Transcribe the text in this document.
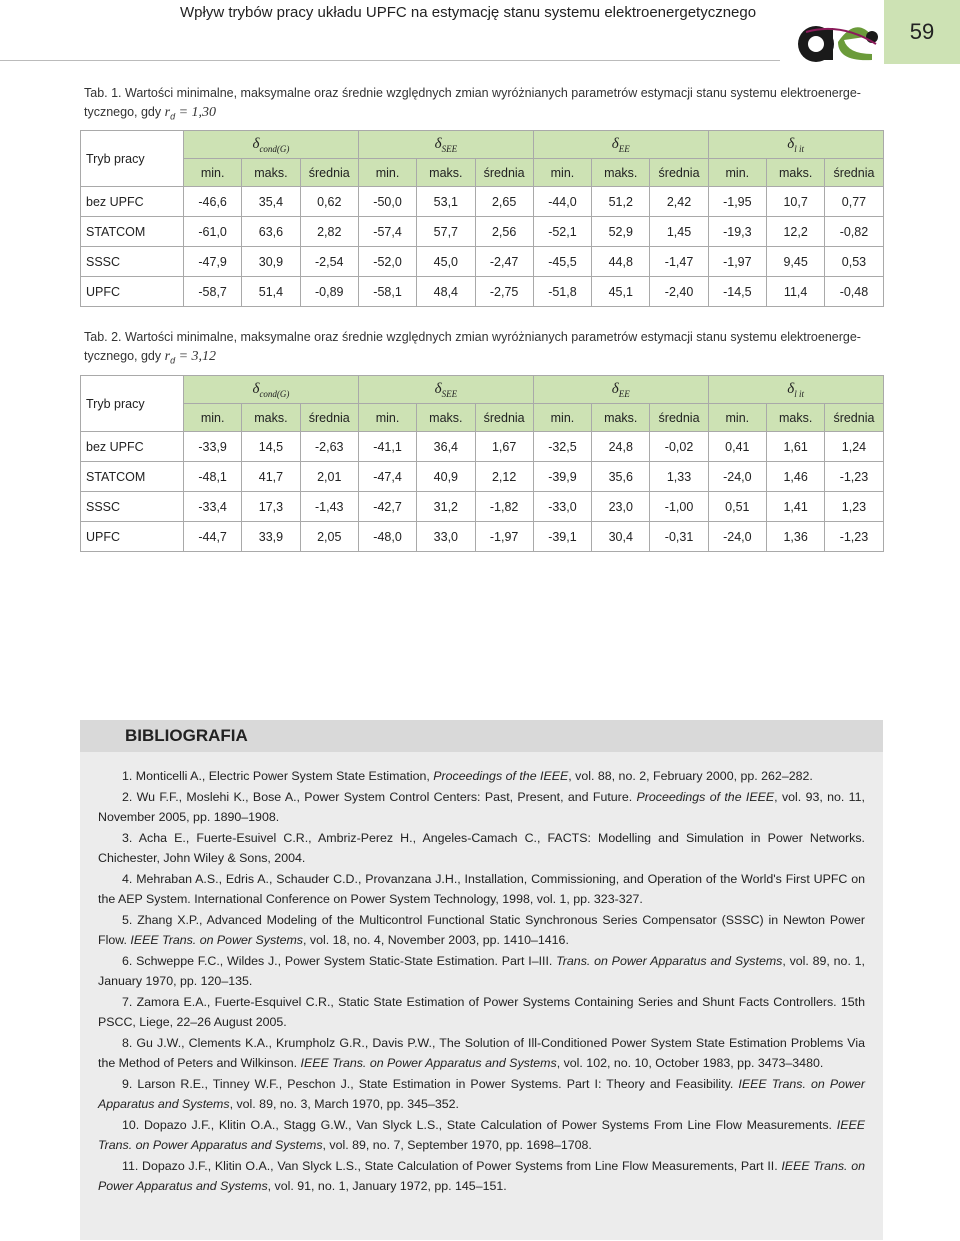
Wpływ trybów pracy układu UPFC na estymację stanu systemu elektroenergetycznego
59
Tab. 1. Wartości minimalne, maksymalne oraz średnie względnych zmian wyróżnianych parametrów estymacji stanu systemu elektroenerge-tycznego, gdy $r_d = 1,30$
Tryb pracy	$\delta_{cond(G)}$			$\delta_{SEE}$			$\delta_{EE}$			$\delta_{l it}$
	min.	maks.	średnia	min.	maks.	średnia	min.	maks.	średnia	min.	maks.	średnia
bez UPFC	-46,6	35,4	0,62	-50,0	53,1	2,65	-44,0	51,2	2,42	-1,95	10,7	0,77
STATCOM	-61,0	63,6	2,82	-57,4	57,7	2,56	-52,1	52,9	1,45	-19,3	12,2	-0,82
SSSC	-47,9	30,9	-2,54	-52,0	45,0	-2,47	-45,5	44,8	-1,47	-1,97	9,45	0,53
UPFC	-58,7	51,4	-0,89	-58,1	48,4	-2,75	-51,8	45,1	-2,40	-14,5	11,4	-0,48
Tab. 2. Wartości minimalne, maksymalne oraz średnie względnych zmian wyróżnianych parametrów estymacji stanu systemu elektroenerge-tycznego, gdy $r_d = 3,12$
Tryb pracy	$\delta_{cond(G)}$			$\delta_{SEE}$			$\delta_{EE}$			$\delta_{l it}$
	min.	maks.	średnia	min.	maks.	średnia	min.	maks.	średnia	min.	maks.	średnia
bez UPFC	-33,9	14,5	-2,63	-41,1	36,4	1,67	-32,5	24,8	-0,02	0,41	1,61	1,24
STATCOM	-48,1	41,7	2,01	-47,4	40,9	2,12	-39,9	35,6	1,33	-24,0	1,46	-1,23
SSSC	-33,4	17,3	-1,43	-42,7	31,2	-1,82	-33,0	23,0	-1,00	0,51	1,41	1,23
UPFC	-44,7	33,9	2,05	-48,0	33,0	-1,97	-39,1	30,4	-0,31	-24,0	1,36	-1,23
BIBLIOGRAFIA

1. Monticelli A., Electric Power System State Estimation, Proceedings of the IEEE, vol. 88, no. 2, February 2000, pp. 262–282.

2. Wu F.F., Moslehi K., Bose A., Power System Control Centers: Past, Present, and Future. Proceedings of the IEEE, vol. 93, no. 11, November 2005, pp. 1890–1908.

3. Acha E., Fuerte-Esuivel C.R., Ambriz-Perez H., Angeles-Camach C., FACTS: Modelling and Simulation in Power Networks. Chichester, John Wiley & Sons, 2004.

4. Mehraban A.S., Edris A., Schauder C.D., Provanzana J.H., Installation, Commissioning, and Operation of the World's First UPFC on the AEP System. International Conference on Power System Technology, 1998, vol. 1, pp. 323-327.

5. Zhang X.P., Advanced Modeling of the Multicontrol Functional Static Synchronous Series Compensator (SSSC) in Newton Power Flow. IEEE Trans. on Power Systems, vol. 18, no. 4, November 2003, pp. 1410–1416.

6. Schweppe F.C., Wildes J., Power System Static-State Estimation. Part I–III. Trans. on Power Apparatus and Systems, vol. 89, no. 1, January 1970, pp. 120–135.

7. Zamora E.A., Fuerte-Esquivel C.R., Static State Estimation of Power Systems Containing Series and Shunt Facts Controllers. 15th PSCC, Liege, 22–26 August 2005.

8. Gu J.W., Clements K.A., Krumpholz G.R., Davis P.W., The Solution of Ill-Conditioned Power System State Estimation Problems Via the Method of Peters and Wilkinson. IEEE Trans. on Power Apparatus and Systems, vol. 102, no. 10, October 1983, pp. 3473–3480.

9. Larson R.E., Tinney W.F., Peschon J., State Estimation in Power Systems. Part I: Theory and Feasibility. IEEE Trans. on Power Apparatus and Systems, vol. 89, no. 3, March 1970, pp. 345–352.

10. Dopazo J.F., Klitin O.A., Stagg G.W., Van Slyck L.S., State Calculation of Power Systems From Line Flow Measurements. IEEE Trans. on Power Apparatus and Systems, vol. 89, no. 7, September 1970, pp. 1698–1708.

11. Dopazo J.F., Klitin O.A., Van Slyck L.S., State Calculation of Power Systems from Line Flow Measurements, Part II. IEEE Trans. on Power Apparatus and Systems, vol. 91, no. 1, January 1972, pp. 145–151.
